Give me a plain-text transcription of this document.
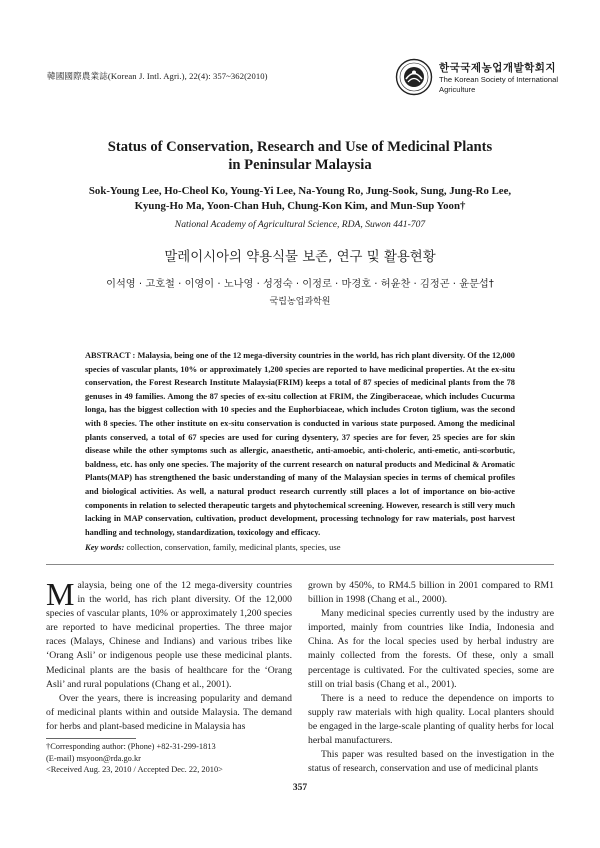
韓國國際農業誌(Korean J. Intl. Agri.), 22(4): 357~362(2010)
한국국제농업개발학회지
The Korean Society of International
Agriculture
Status of Conservation, Research and Use of Medicinal Plants
in Peninsular Malaysia
Sok-Young Lee, Ho-Cheol Ko, Young-Yi Lee, Na-Young Ro, Jung-Sook, Sung, Jung-Ro Lee,
Kyung-Ho Ma, Yoon-Chan Huh, Chung-Kon Kim, and Mun-Sup Yoon†
National Academy of Agricultural Science, RDA, Suwon 441-707
말레이시아의 약용식물 보존, 연구 및 활용현황
이석영 · 고호철 · 이영이 · 노나영 · 성정숙 · 이정로 · 마경호 · 허윤찬 · 김정곤 · 윤문섭†
국립농업과학원
ABSTRACT : Malaysia, being one of the 12 mega-diversity countries in the world, has rich plant diversity. Of the 12,000 species of vascular plants, 10% or approximately 1,200 species are reported to have medicinal properties. At the ex-situ conservation, the Forest Research Institute Malaysia(FRIM) keeps a total of 87 species of medicinal plants from the 78 genuses in 49 families. Among the 87 species of ex-situ collection at FRIM, the Zingiberaceae, which includes Cucurma longa, has the biggest collection with 10 species and the Euphorbiaceae, which includes Croton tiglium, was the second with 8 species. The other institute on ex-situ conservation is conducted in various state purposed. Among the medicinal plants conserved, a total of 67 species are used for curing dysentery, 37 species are for fever, 25 species are for skin disease while the other symptoms such as allergic, anaesthetic, anti-amoebic, anti-choleric, anti-emetic, anti-scorbutic, baldness, etc. has only one species. The majority of the current research on natural products and Medicinal & Aromatic Plants(MAP) has strengthened the basic understanding of many of the Malaysian species in terms of chemical profiles and biological activities. As well, a natural product research currently still places a lot of importance on bio-active components in relation to selected therapeutic targets and phytochemical screening. However, research is still very much lacking in MAP conservation, cultivation, product development, processing technology for raw materials, post harvest handling and technology, standardization, toxicology and efficacy.
Key words: collection, conservation, family, medicinal plants, species, use

Malaysia, being one of the 12 mega-diversity countries in the world, has rich plant diversity. Of the 12,000 species of vascular plants, 10% or approximately 1,200 species are reported to have medicinal properties. The three major races (Malays, Chinese and Indians) and various tribes like ‘Orang Asli’ or indigenous people use these medicinal plants. Medicinal plants are the basis of healthcare for the ‘Orang Asli’ and rural populations (Chang et al., 2001).

Over the years, there is increasing popularity and demand of medicinal plants within and outside Malaysia. The demand for herbs and plant-based medicine in Malaysia has

grown by 450%, to RM4.5 billion in 2001 compared to RM1 billion in 1998 (Chang et al., 2000).

Many medicinal species currently used by the industry are imported, mainly from countries like India, Indonesia and China. As for the local species used by herbal industry are mainly collected from the forests. Of these, only a small percentage is cultivated. For the cultivated species, some are still on trial basis (Chang et al., 2001).

There is a need to reduce the dependence on imports to supply raw materials with high quality. Local planters should be engaged in the large-scale planting of quality herbs for local herbal manufacturers.

This paper was resulted based on the investigation in the status of research, conservation and use of medicinal plants

†Corresponding author: (Phone) +82-31-299-1813
(E-mail) msyoon@rda.go.kr
<Received Aug. 23, 2010 / Accepted Dec. 22, 2010>
357
